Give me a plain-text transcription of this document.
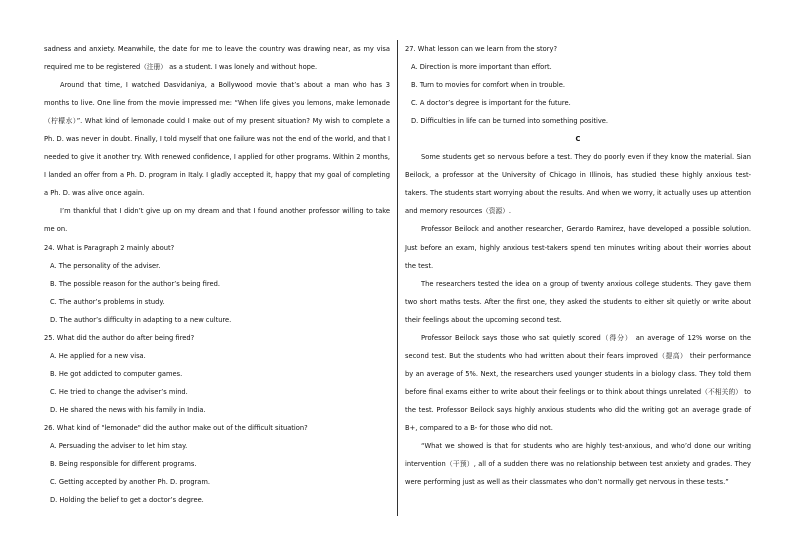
sadness and anxiety. Meanwhile, the date for me to leave the country was drawing near, as my visa required me to be registered（注册） as a student. I was lonely and without hope.

Around that time, I watched Dasvidaniya, a Bollywood movie that’s about a man who has 3 months to live. One line from the movie impressed me: “When life gives you lemons, make lemonade（柠檬水）”. What kind of lemonade could I make out of my present situation? My wish to complete a Ph. D. was never in doubt. Finally, I told myself that one failure was not the end of the world, and that I needed to give it another try. With renewed confidence, I applied for other programs. Within 2 months, I landed an offer from a Ph. D. program in Italy. I gladly accepted it, happy that my goal of completing a Ph. D. was alive once again.

I’m thankful that I didn’t give up on my dream and that I found another professor willing to take me on.

24. What is Paragraph 2 mainly about?

A. The personality of the adviser.

B. The possible reason for the author’s being fired.

C. The author’s problems in study.

D. The author’s difficulty in adapting to a new culture.

25. What did the author do after being fired?

A. He applied for a new visa.

B. He got addicted to computer games.

C. He tried to change the adviser’s mind.

D. He shared the news with his family in India.

26. What kind of "lemonade" did the author make out of the difficult situation?

A. Persuading the adviser to let him stay.

B. Being responsible for different programs.

C. Getting accepted by another Ph. D. program.

D. Holding the belief to get a doctor’s degree.

27. What lesson can we learn from the story?

A. Direction is more important than effort.

B. Turn to movies for comfort when in trouble.

C. A doctor’s degree is important for the future.

D. Difficulties in life can be turned into something positive.

C

Some students get so nervous before a test. They do poorly even if they know the material. Sian Beilock, a professor at the University of Chicago in Illinois, has studied these highly anxious test-takers. The students start worrying about the results. And when we worry, it actually uses up attention and memory resources（资源）.

Professor Beilock and another researcher, Gerardo Ramirez, have developed a possible solution. Just before an exam, highly anxious test-takers spend ten minutes writing about their worries about the test.

The researchers tested the idea on a group of twenty anxious college students. They gave them two short maths tests. After the first one, they asked the students to either sit quietly or write about their feelings about the upcoming second test.

Professor Beilock says those who sat quietly scored（得分） an average of 12% worse on the second test. But the students who had written about their fears improved（提高） their performance by an average of 5%. Next, the researchers used younger students in a biology class. They told them before final exams either to write about their feelings or to think about things unrelated（不相关的） to the test. Professor Beilock says highly anxious students who did the writing got an average grade of B+, compared to a B- for those who did not.

“What we showed is that for students who are highly test-anxious, and who’d done our writing intervention（干预）, all of a sudden there was no relationship between test anxiety and grades. They were performing just as well as their classmates who don’t normally get nervous in these tests.”
